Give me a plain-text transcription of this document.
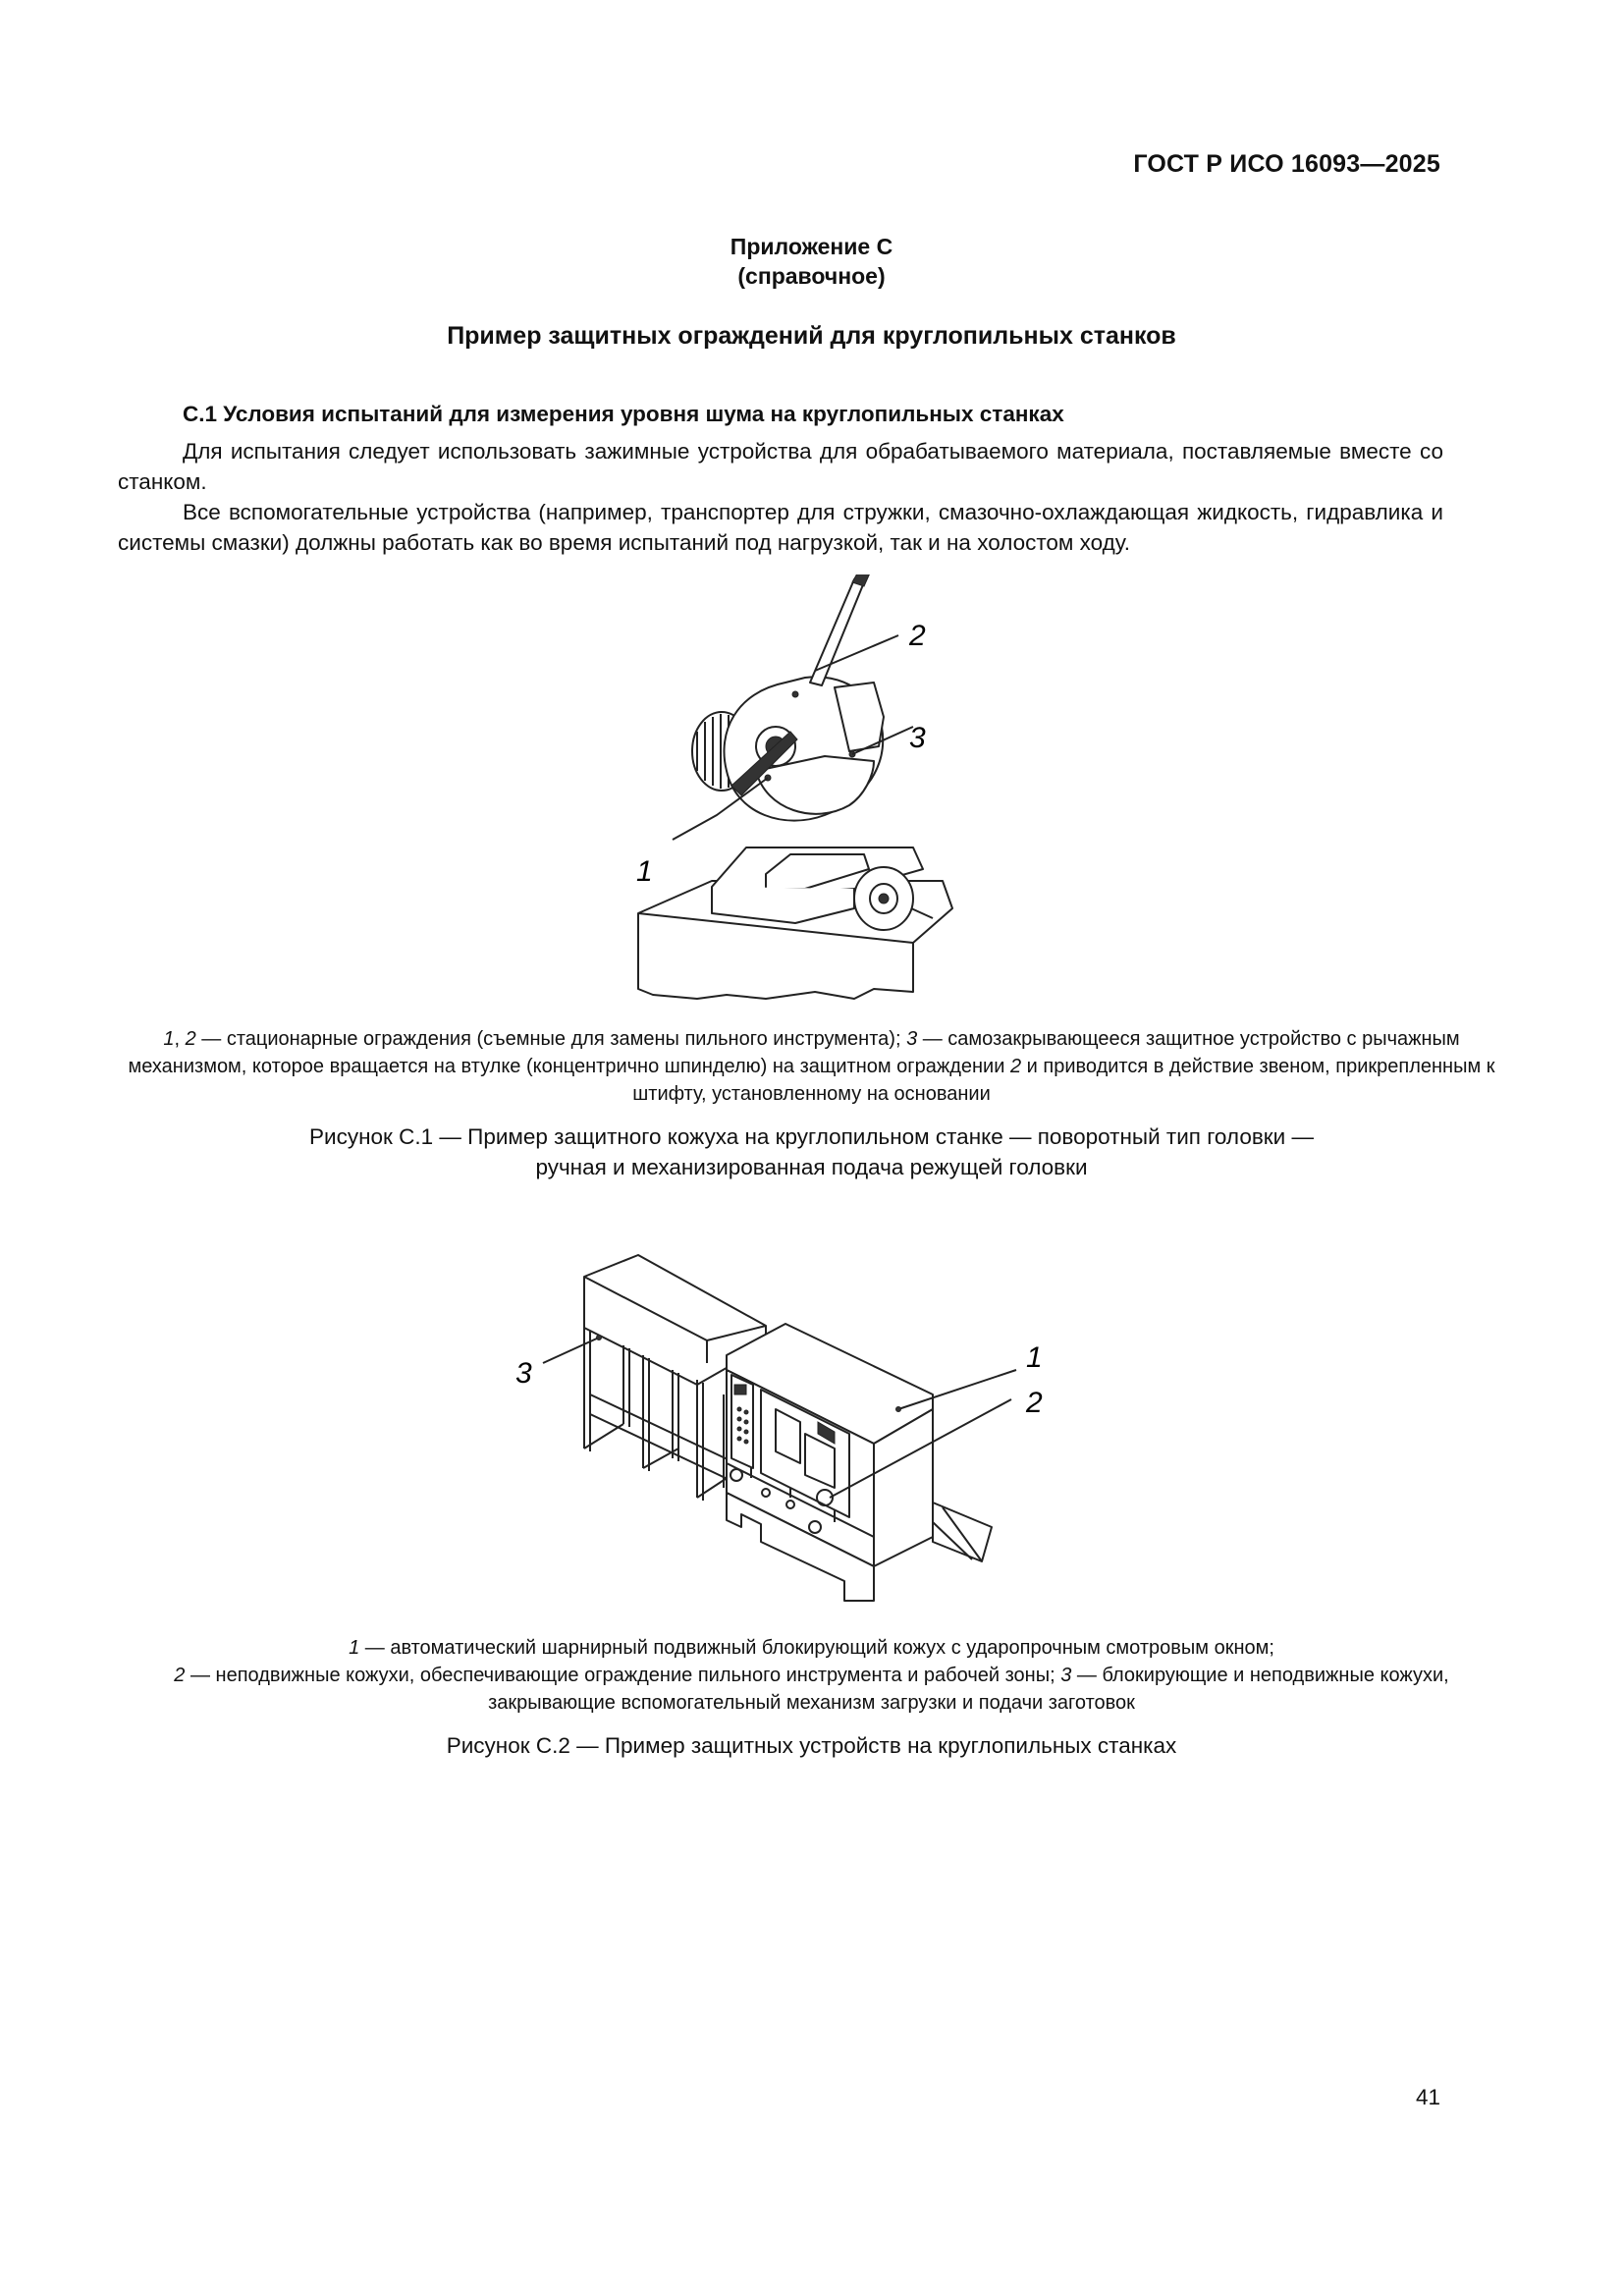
ГОСТ Р ИСО 16093—2025
Приложение С
(справочное)
Пример защитных ограждений для круглопильных станков
С.1 Условия испытаний для измерения уровня шума на круглопильных станках
Для испытания следует использовать зажимные устройства для обрабатываемого материала, поставляемые вместе со станком.
Все вспомогательные устройства (например, транспортер для стружки, смазочно-охлаждающая жидкость, гидравлика и системы смазки) должны работать как во время испытаний под нагрузкой, так и на холостом ходу.
2
3
1
1, 2 — стационарные ограждения (съемные для замены пильного инструмента); 3 — самозакрывающееся защитное устройство с рычажным механизмом, которое вращается на втулке (концентрично шпинделю) на защитном ограждении 2 и приводится в действие звеном, прикрепленным к штифту, установленному на основании
Рисунок С.1 — Пример защитного кожуха на круглопильном станке — поворотный тип головки —
ручная и механизированная подача режущей головки
3	1
2
1 — автоматический шарнирный подвижный блокирующий кожух с ударопрочным смотровым окном;
2 — неподвижные кожухи, обеспечивающие ограждение пильного инструмента и рабочей зоны; 3 — блокирующие и неподвижные кожухи, закрывающие вспомогательный механизм загрузки и подачи заготовок
Рисунок С.2 — Пример защитных устройств на круглопильных станках
41
